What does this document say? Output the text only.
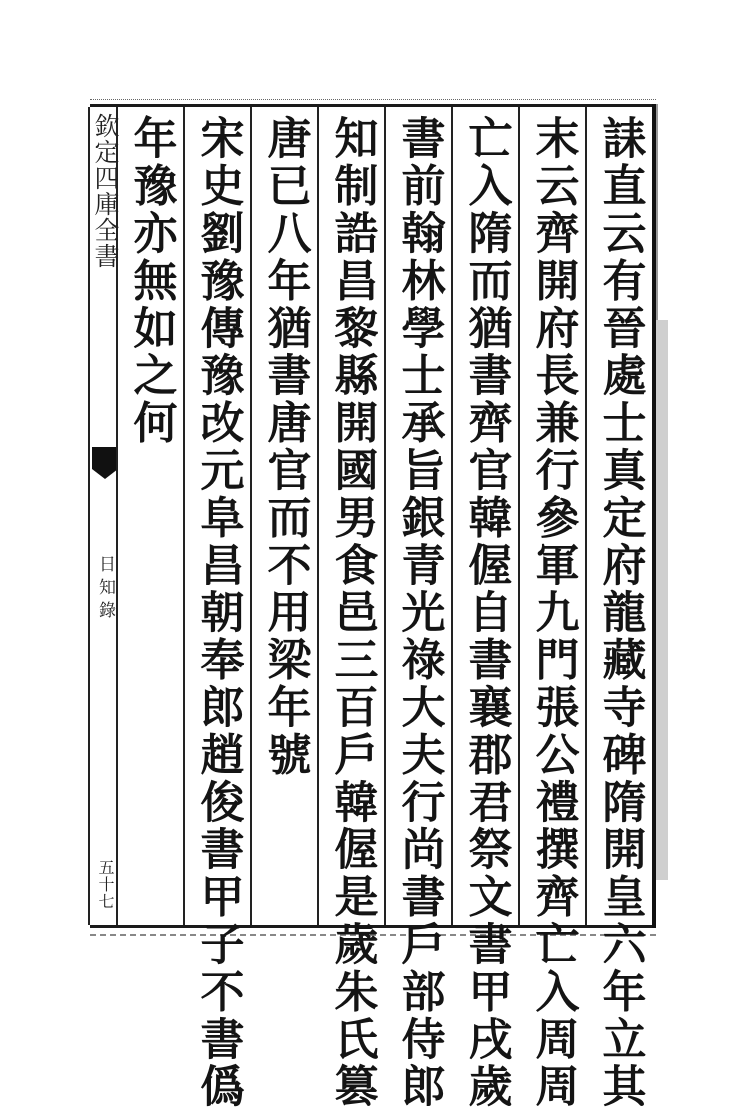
欽定四庫全書
日知錄
五十七	誄直云有晉處士真定府龍藏寺碑隋開皇六年立其
末云齊開府長兼行參軍九門張公禮撰齊亡入周周
亡入隋而猶書齊官韓偓自書襄郡君祭文書甲戌歲
書前翰林學士承旨銀青光祿大夫行尚書戶部侍郎
知制誥昌黎縣開國男食邑三百戶韓偓是歲朱氏篡
唐已八年猶書唐官而不用梁年號
宋史劉豫傳豫改元阜昌朝奉郎趙俊書甲子不書僞
年豫亦無如之何
